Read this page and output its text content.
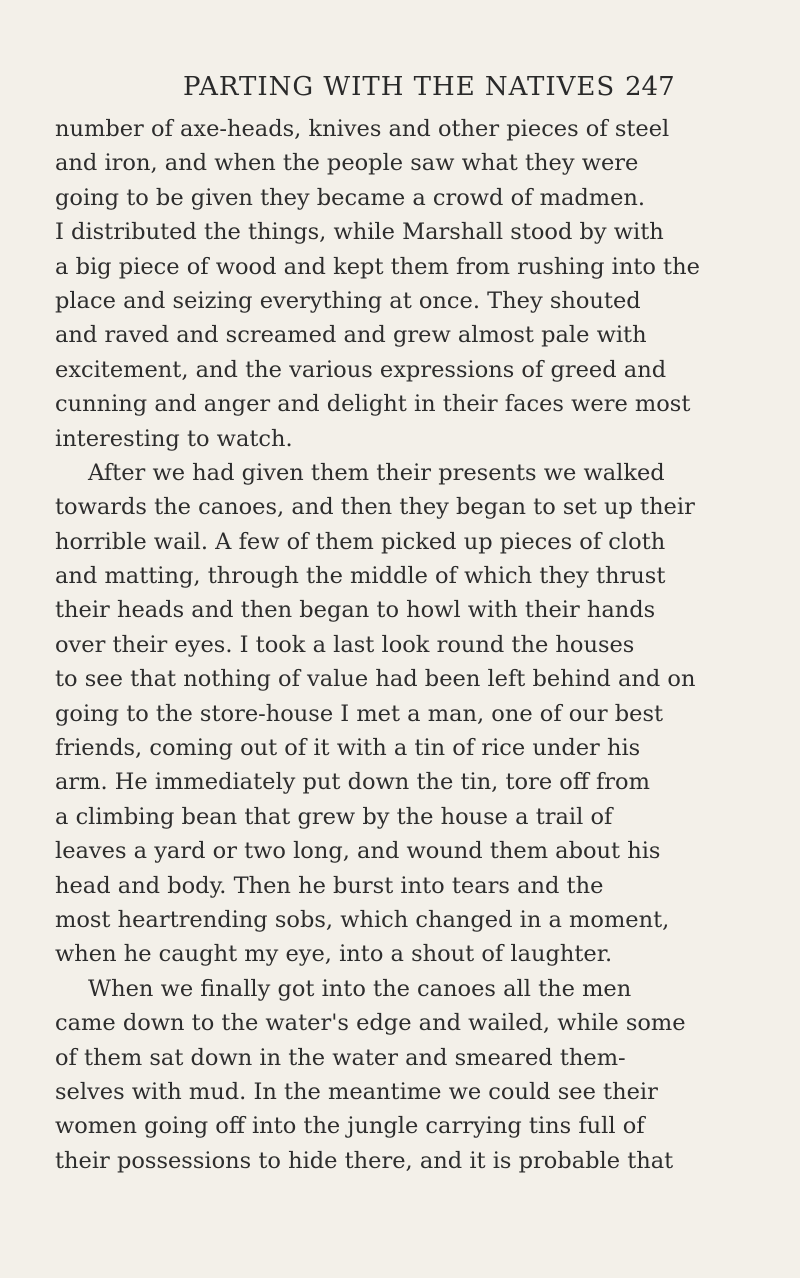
PARTING WITH THE NATIVES 247
number of axe-heads, knives and other pieces of steel
and iron, and when the people saw what they were
going to be given they became a crowd of madmen.
I distributed the things, while Marshall stood by with
a big piece of wood and kept them from rushing into the
place and seizing everything at once. They shouted
and raved and screamed and grew almost pale with
excitement, and the various expressions of greed and
cunning and anger and delight in their faces were most
interesting to watch.
After we had given them their presents we walked
towards the canoes, and then they began to set up their
horrible wail. A few of them picked up pieces of cloth
and matting, through the middle of which they thrust
their heads and then began to howl with their hands
over their eyes. I took a last look round the houses
to see that nothing of value had been left behind and on
going to the store-house I met a man, one of our best
friends, coming out of it with a tin of rice under his
arm. He immediately put down the tin, tore off from
a climbing bean that grew by the house a trail of
leaves a yard or two long, and wound them about his
head and body. Then he burst into tears and the
most heartrending sobs, which changed in a moment,
when he caught my eye, into a shout of laughter.
When we finally got into the canoes all the men
came down to the water's edge and wailed, while some
of them sat down in the water and smeared them-
selves with mud. In the meantime we could see their
women going off into the jungle carrying tins full of
their possessions to hide there, and it is probable that
